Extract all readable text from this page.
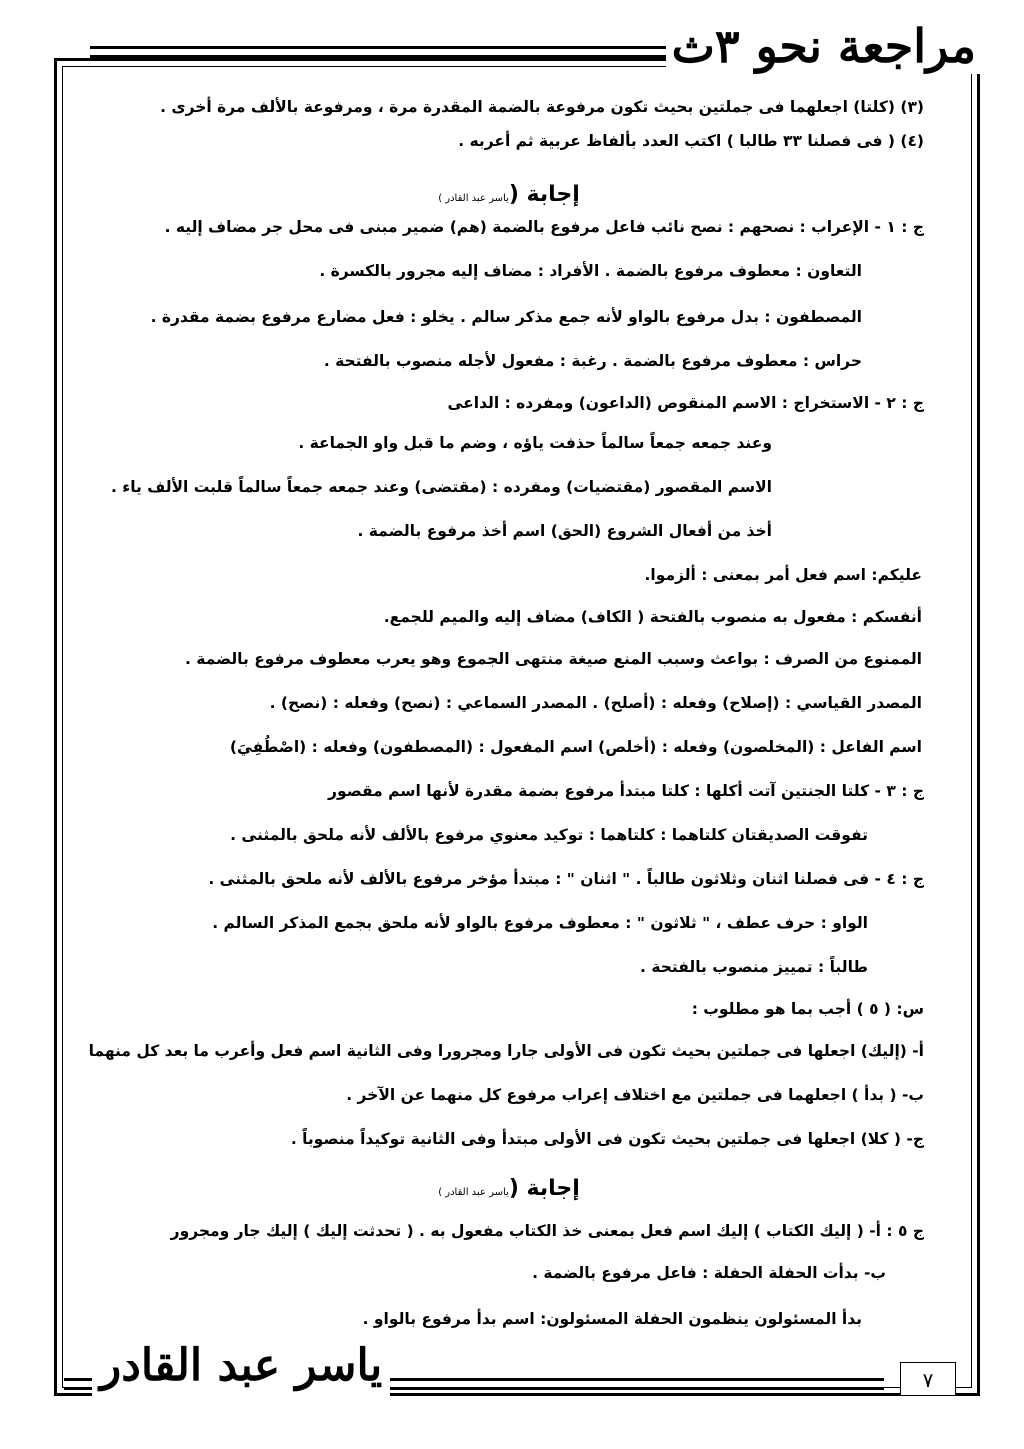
مراجعة نحو ٣ث
(٣) (كلتا) اجعلهما فى جملتين بحيث تكون مرفوعة بالضمة المقدرة مرة ، ومرفوعة بالألف مرة أخرى .
(٤) ( فى فصلنا ٣٣ طالبا ) اكتب العدد بألفاظ عربية ثم أعربه .
إجابة (ياسر عبد القادر )
ج : ١ - الإعراب : نصحهم : نصح نائب فاعل مرفوع بالضمة (هم) ضمير مبنى فى محل جر مضاف إليه .
التعاون : معطوف مرفوع بالضمة . الأفراد : مضاف إليه مجرور بالكسرة .
المصطفون : بدل مرفوع بالواو لأنه جمع مذكر سالم . يخلو : فعل مضارع مرفوع بضمة مقدرة .
حراس : معطوف مرفوع بالضمة . رغبة : مفعول لأجله منصوب بالفتحة .
ج : ٢ - الاستخراج : الاسم المنقوص (الداعون) ومفرده : الداعى
وعند جمعه جمعاً سالماً حذفت ياؤه ، وضم ما قبل واو الجماعة .
الاسم المقصور (مقتضيات) ومفرده : (مقتضى) وعند جمعه جمعاً سالماً قلبت الألف ياء .
أخذ من أفعال الشروع (الحق) اسم أخذ مرفوع بالضمة .
عليكم: اسم فعل أمر بمعنى : ألزموا.
أنفسكم : مفعول به منصوب بالفتحة ( الكاف) مضاف إليه والميم للجمع.
الممنوع من الصرف : بواعث وسبب المنع صيغة منتهى الجموع وهو يعرب معطوف مرفوع بالضمة .
المصدر القياسي : (إصلاح) وفعله : (أصلح) . المصدر السماعي : (نصح) وفعله : (نصح) .
اسم الفاعل : (المخلصون) وفعله : (أخلص) اسم المفعول : (المصطفون) وفعله : (اصْطُفِيَ)
ج : ٣ - كلتا الجنتين آتت أكلها : كلتا مبتدأ مرفوع بضمة مقدرة لأنها اسم مقصور
تفوقت الصديقتان كلتاهما : كلتاهما : توكيد معنوي مرفوع بالألف لأنه ملحق بالمثنى .
ج : ٤ - فى فصلنا اثنان وثلاثون طالباً . " اثنان " : مبتدأ مؤخر مرفوع بالألف لأنه ملحق بالمثنى .
الواو : حرف عطف ، " ثلاثون " : معطوف مرفوع بالواو لأنه ملحق بجمع المذكر السالم .
طالباً : تمييز منصوب بالفتحة .
س: ( ٥ ) أجب بما هو مطلوب :
أ- (إليك) اجعلها فى جملتين بحيث تكون فى الأولى جارا ومجرورا وفى الثانية اسم فعل وأعرب ما بعد كل منهما
ب- ( بدأ ) اجعلهما فى جملتين مع اختلاف إعراب مرفوع كل منهما عن الآخر .
ج- ( كلا) اجعلها فى جملتين بحيث تكون فى الأولى مبتدأ وفى الثانية توكيداً منصوباً .
إجابة (ياسر عبد القادر )
ج ٥ : أ- ( إليك الكتاب ) إليك اسم فعل بمعنى خذ الكتاب مفعول به . ( تحدثت إليك ) إليك جار ومجرور
ب- بدأت الحفلة الحفلة : فاعل مرفوع بالضمة .
بدأ المسئولون ينظمون الحفلة المسئولون: اسم بدأ مرفوع بالواو .
ياسر عبد القادر	٧
